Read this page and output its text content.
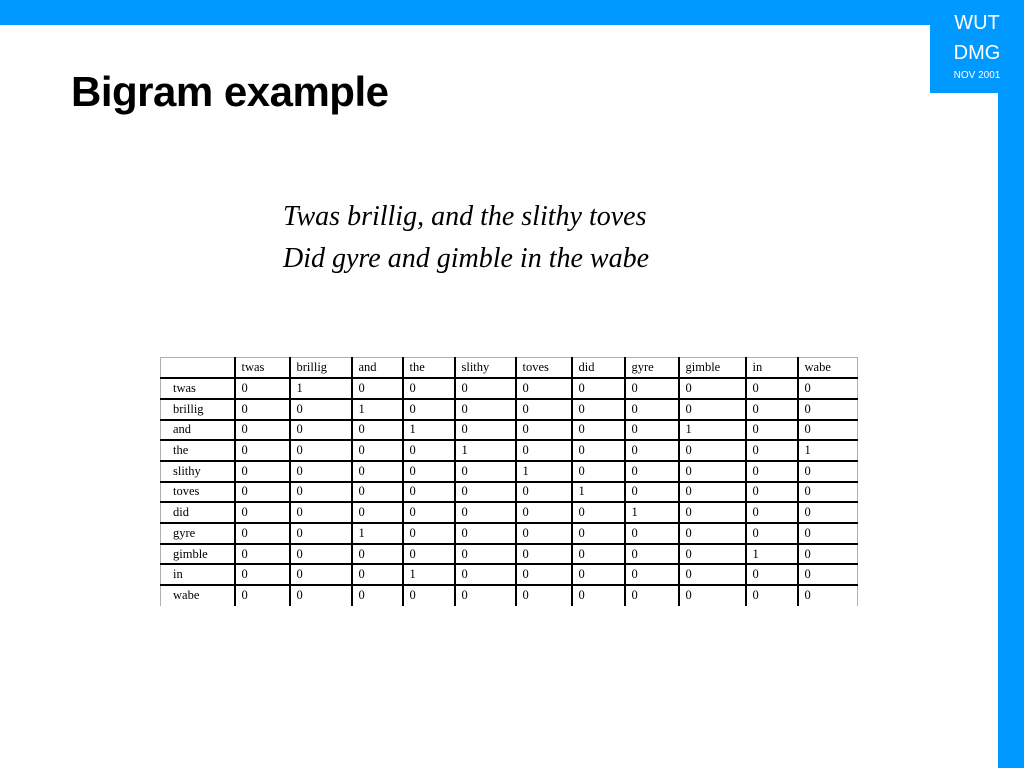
WUT
DMG
NOV 2001
Bigram example
Twas brillig, and the slithy toves
Did gyre and gimble in the wabe
	twas	brillig	and	the	slithy	toves	did	gyre	gimble	in	wabe
twas	0	1	0	0	0	0	0	0	0	0	0
brillig	0	0	1	0	0	0	0	0	0	0	0
and	0	0	0	1	0	0	0	0	1	0	0
the	0	0	0	0	1	0	0	0	0	0	1
slithy	0	0	0	0	0	1	0	0	0	0	0
toves	0	0	0	0	0	0	1	0	0	0	0
did	0	0	0	0	0	0	0	1	0	0	0
gyre	0	0	1	0	0	0	0	0	0	0	0
gimble	0	0	0	0	0	0	0	0	0	1	0
in	0	0	0	1	0	0	0	0	0	0	0
wabe	0	0	0	0	0	0	0	0	0	0	0
